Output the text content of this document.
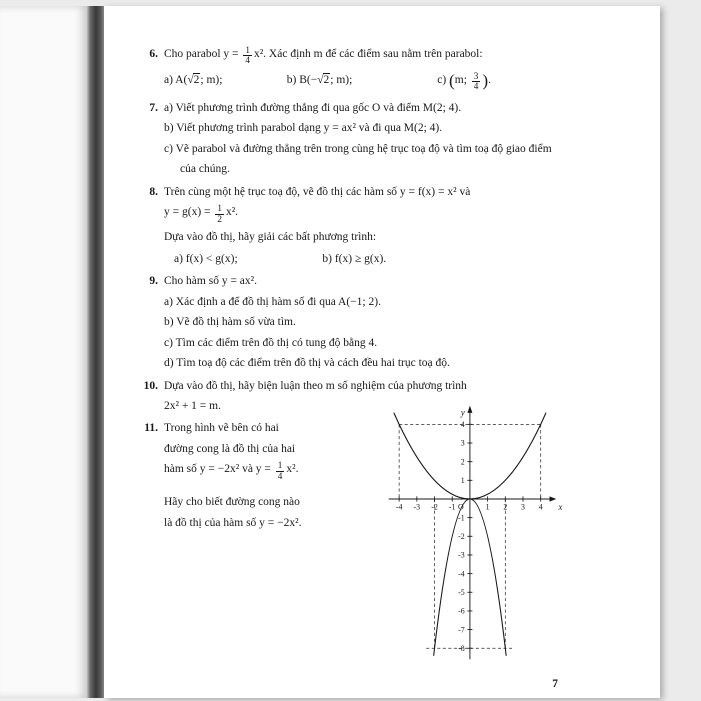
6. Cho parabol $y = \frac{1}{4} x^2$. Xác định m để các điểm sau nằm trên parabol:
a) A(√2; m);	b) B(−√2; m);	c) (m; $\frac{3}{4}$ ).
7. a) Viết phương trình đường thẳng đi qua gốc O và điểm M(2; 4).
b) Viết phương trình parabol dạng y = ax² và đi qua M(2; 4).
c) Vẽ parabol và đường thẳng trên trong cùng hệ trục toạ độ và tìm toạ độ giao điểm của chúng.
8. Trên cùng một hệ trục toạ độ, vẽ đồ thị các hàm số y = f(x) = x² và
$y = g(x) = \frac{1}{2} x^2$.
Dựa vào đồ thị, hãy giải các bất phương trình:
a) f(x) < g(x);	b) f(x) ≥ g(x).
9. Cho hàm số y = ax².
a) Xác định a để đồ thị hàm số đi qua A(−1; 2).
b) Vẽ đồ thị hàm số vừa tìm.
c) Tìm các điểm trên đồ thị có tung độ bằng 4.
d) Tìm toạ độ các điểm trên đồ thị và cách đều hai trục toạ độ.
10. Dựa vào đồ thị, hãy biện luận theo m số nghiệm của phương trình
2x² + 1 = m.
11. Trong hình vẽ bên có hai
đường cong là đồ thị của hai
hàm số y = −2x² và $y = \frac{1}{4} x^2$.
Hãy cho biết đường cong nào
là đồ thị của hàm số y = −2x².
-4 -3 -2 -1	1 2 3 4
4
3
2
1
-1
-2
-3
-4
-5
-6
-7
-8
O
y
x
7
